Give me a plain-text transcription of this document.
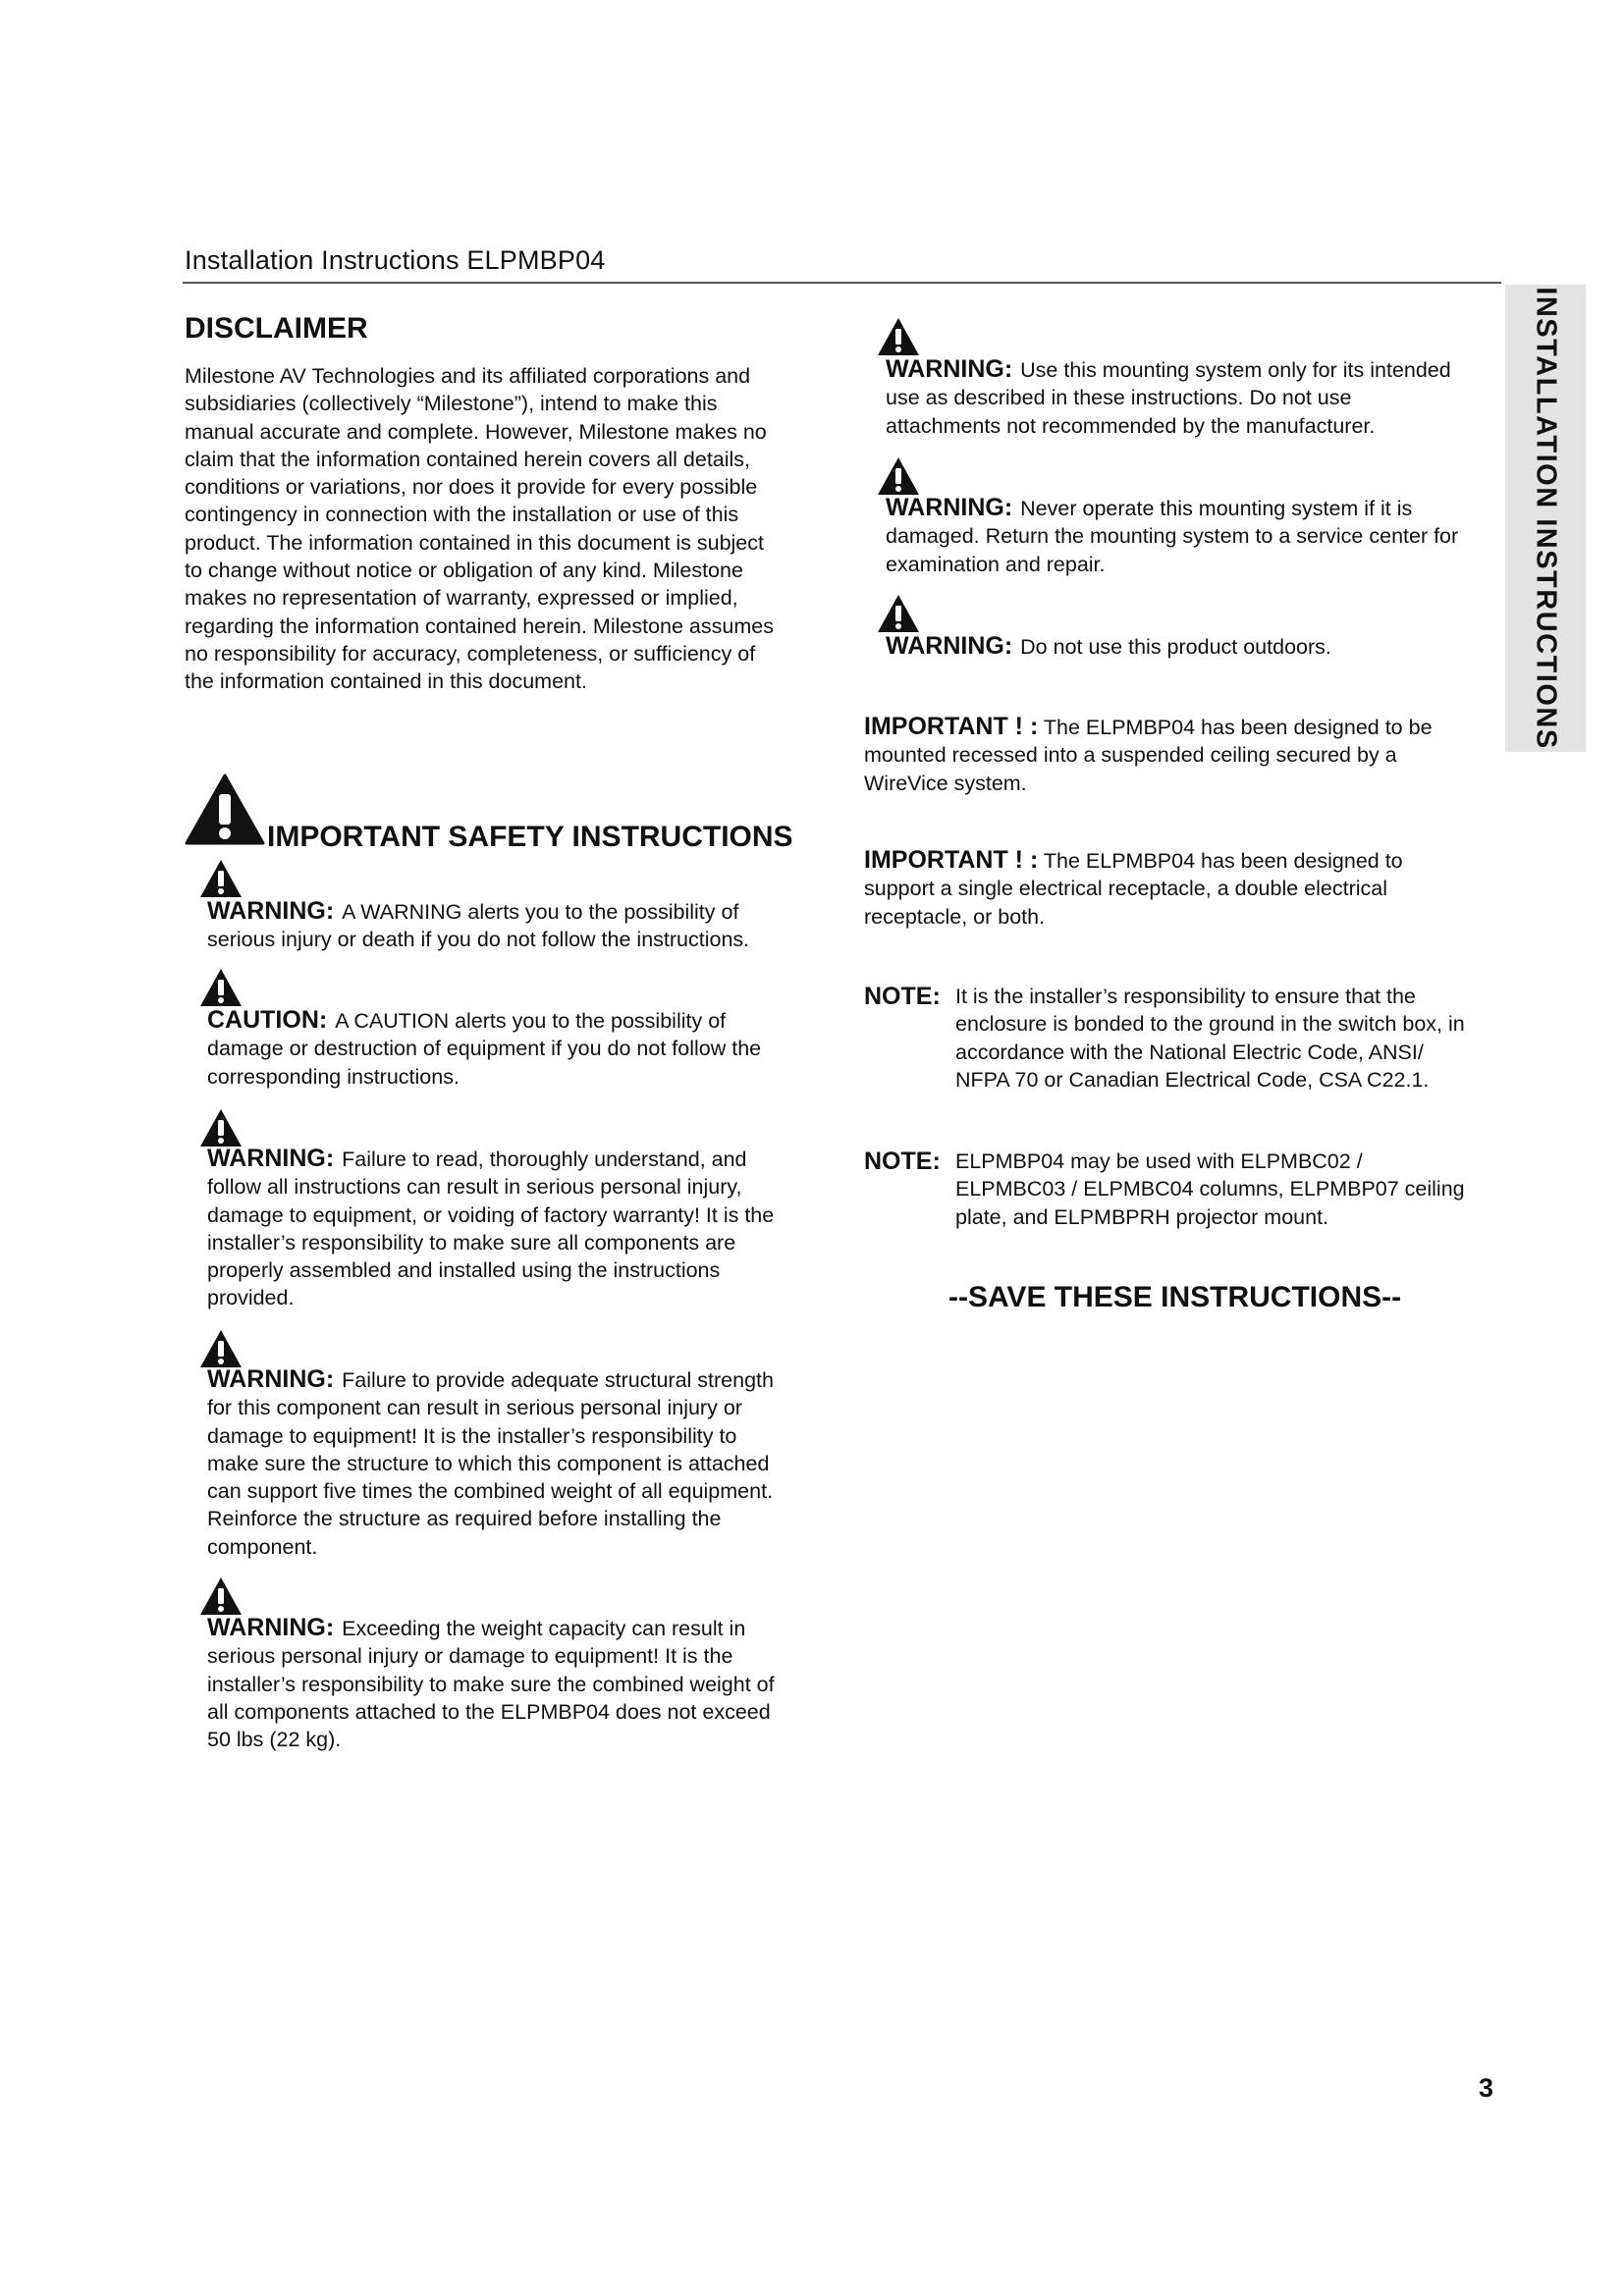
Installation Instructions ELPMBP04
INSTALLATION INSTRUCTIONS
DISCLAIMER
Milestone AV Technologies and its affiliated corporations and
subsidiaries (collectively “Milestone”), intend to make this
manual accurate and complete. However, Milestone makes no
claim that the information contained herein covers all details,
conditions or variations, nor does it provide for every possible
contingency in connection with the installation or use of this
product. The information contained in this document is subject
to change without notice or obligation of any kind. Milestone
makes no representation of warranty, expressed or implied,
regarding the information contained herein. Milestone assumes
no responsibility for accuracy, completeness, or sufficiency of
the information contained in this document.
IMPORTANT SAFETY INSTRUCTIONS
WARNING: A WARNING alerts you to the possibility of
serious injury or death if you do not follow the instructions.
CAUTION: A CAUTION alerts you to the possibility of
damage or destruction of equipment if you do not follow the
corresponding instructions.
WARNING: Failure to read, thoroughly understand, and
follow all instructions can result in serious personal injury,
damage to equipment, or voiding of factory warranty! It is the
installer’s responsibility to make sure all components are
properly assembled and installed using the instructions
provided.
WARNING: Failure to provide adequate structural strength
for this component can result in serious personal injury or
damage to equipment! It is the installer’s responsibility to
make sure the structure to which this component is attached
can support five times the combined weight of all equipment.
Reinforce the structure as required before installing the
component.
WARNING: Exceeding the weight capacity can result in
serious personal injury or damage to equipment! It is the
installer’s responsibility to make sure the combined weight of
all components attached to the ELPMBP04 does not exceed
50 lbs (22 kg).
WARNING: Use this mounting system only for its intended
use as described in these instructions. Do not use
attachments not recommended by the manufacturer.
WARNING: Never operate this mounting system if it is
damaged. Return the mounting system to a service center for
examination and repair.
WARNING: Do not use this product outdoors.
IMPORTANT ! : The ELPMBP04 has been designed to be
mounted recessed into a suspended ceiling secured by a
WireVice system.
IMPORTANT ! : The ELPMBP04 has been designed to
support a single electrical receptacle, a double electrical
receptacle, or both.
NOTE: It is the installer’s responsibility to ensure that the
enclosure is bonded to the ground in the switch box, in
accordance with the National Electric Code, ANSI/
NFPA 70 or Canadian Electrical Code, CSA C22.1.
NOTE: ELPMBP04 may be used with ELPMBC02 /
ELPMBC03 / ELPMBC04 columns, ELPMBP07 ceiling
plate, and ELPMBPRH projector mount.
--SAVE THESE INSTRUCTIONS--
3
